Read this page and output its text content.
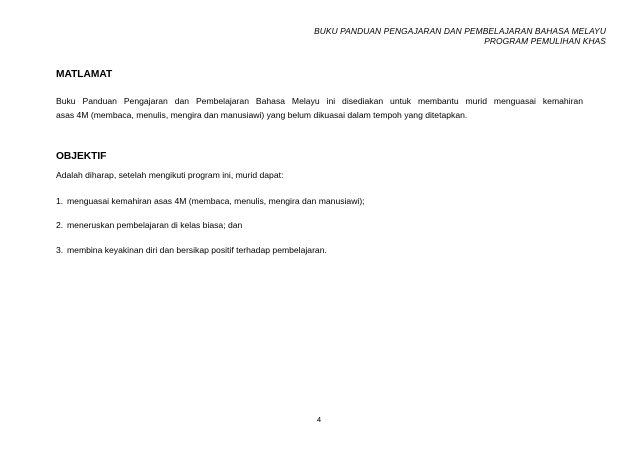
BUKU PANDUAN PENGAJARAN DAN PEMBELAJARAN BAHASA MELAYU
PROGRAM PEMULIHAN KHAS
MATLAMAT
Buku Panduan Pengajaran dan Pembelajaran Bahasa Melayu ini disediakan untuk membantu murid menguasai kemahiran
asas 4M (membaca, menulis, mengira dan manusiawi) yang belum dikuasai dalam tempoh yang ditetapkan.
OBJEKTIF
Adalah diharap, setelah mengikuti program ini, murid dapat:
1. menguasai kemahiran asas 4M (membaca, menulis, mengira dan manusiawi);
2. meneruskan pembelajaran di kelas biasa; dan
3. membina keyakinan diri dan bersikap positif terhadap pembelajaran.
4
